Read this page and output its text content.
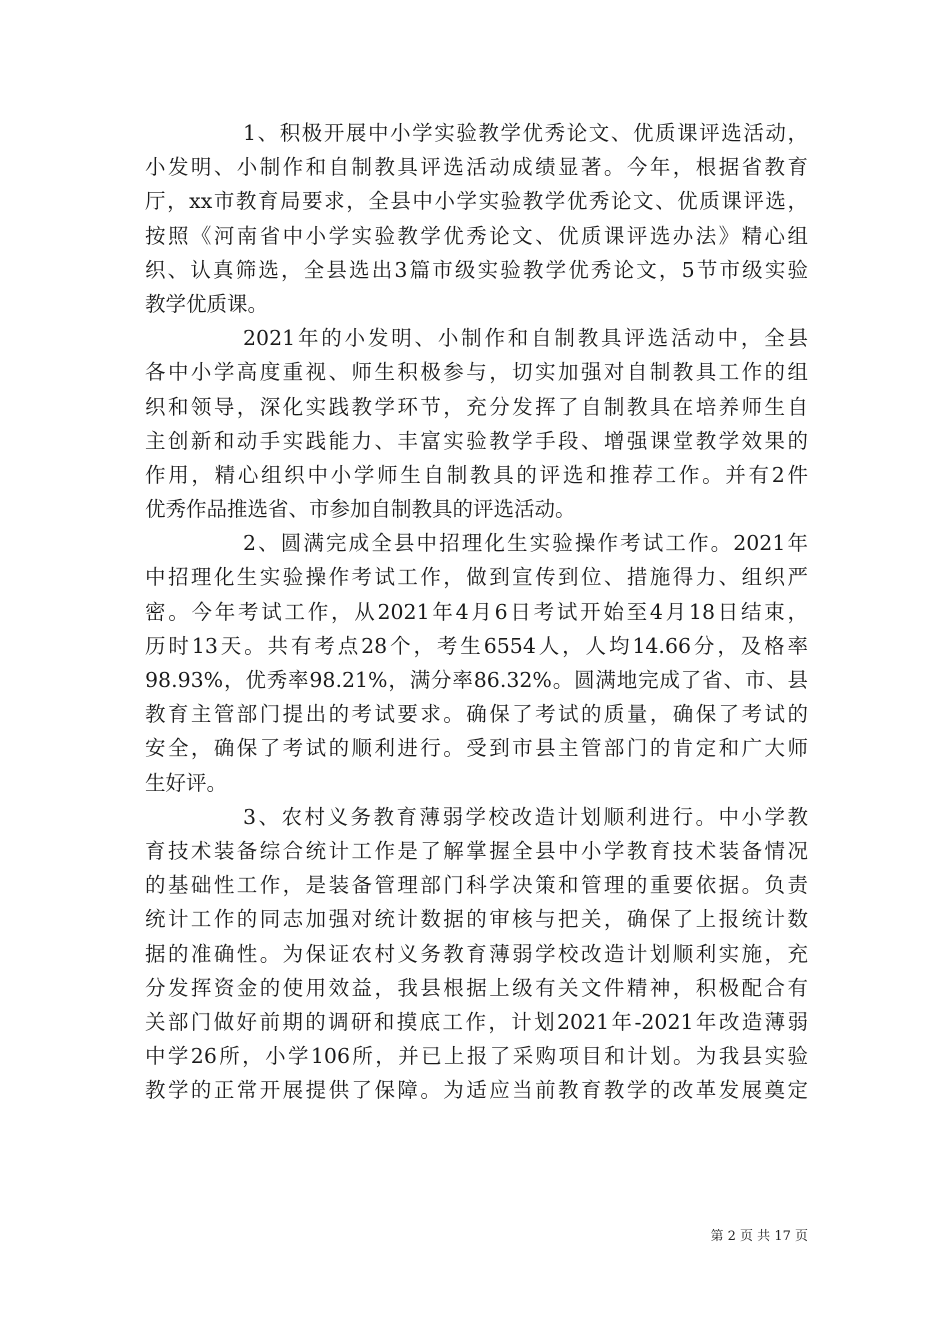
1、积极开展中小学实验教学优秀论文、优质课评选活动，
小发明、小制作和自制教具评选活动成绩显著。今年，根据省教育
厅，xx市教育局要求，全县中小学实验教学优秀论文、优质课评选，
按照《河南省中小学实验教学优秀论文、优质课评选办法》精心组
织、认真筛选，全县选出3篇市级实验教学优秀论文，5节市级实验
教学优质课。
2021年的小发明、小制作和自制教具评选活动中，全县
各中小学高度重视、师生积极参与，切实加强对自制教具工作的组
织和领导，深化实践教学环节，充分发挥了自制教具在培养师生自
主创新和动手实践能力、丰富实验教学手段、增强课堂教学效果的
作用，精心组织中小学师生自制教具的评选和推荐工作。并有2件
优秀作品推选省、市参加自制教具的评选活动。
2、圆满完成全县中招理化生实验操作考试工作。2021年
中招理化生实验操作考试工作，做到宣传到位、措施得力、组织严
密。今年考试工作，从2021年4月6日考试开始至4月18日结束，
历时13天。共有考点28个，考生6554人，人均14.66分，及格率
98.93%，优秀率98.21%，满分率86.32%。圆满地完成了省、市、县
教育主管部门提出的考试要求。确保了考试的质量，确保了考试的
安全，确保了考试的顺利进行。受到市县主管部门的肯定和广大师
生好评。
3、农村义务教育薄弱学校改造计划顺利进行。中小学教
育技术装备综合统计工作是了解掌握全县中小学教育技术装备情况
的基础性工作，是装备管理部门科学决策和管理的重要依据。负责
统计工作的同志加强对统计数据的审核与把关，确保了上报统计数
据的准确性。为保证农村义务教育薄弱学校改造计划顺利实施，充
分发挥资金的使用效益，我县根据上级有关文件精神，积极配合有
关部门做好前期的调研和摸底工作，计划2021年-2021年改造薄弱
中学26所，小学106所，并已上报了采购项目和计划。为我县实验
教学的正常开展提供了保障。为适应当前教育教学的改革发展奠定
第 2 页 共 17 页
